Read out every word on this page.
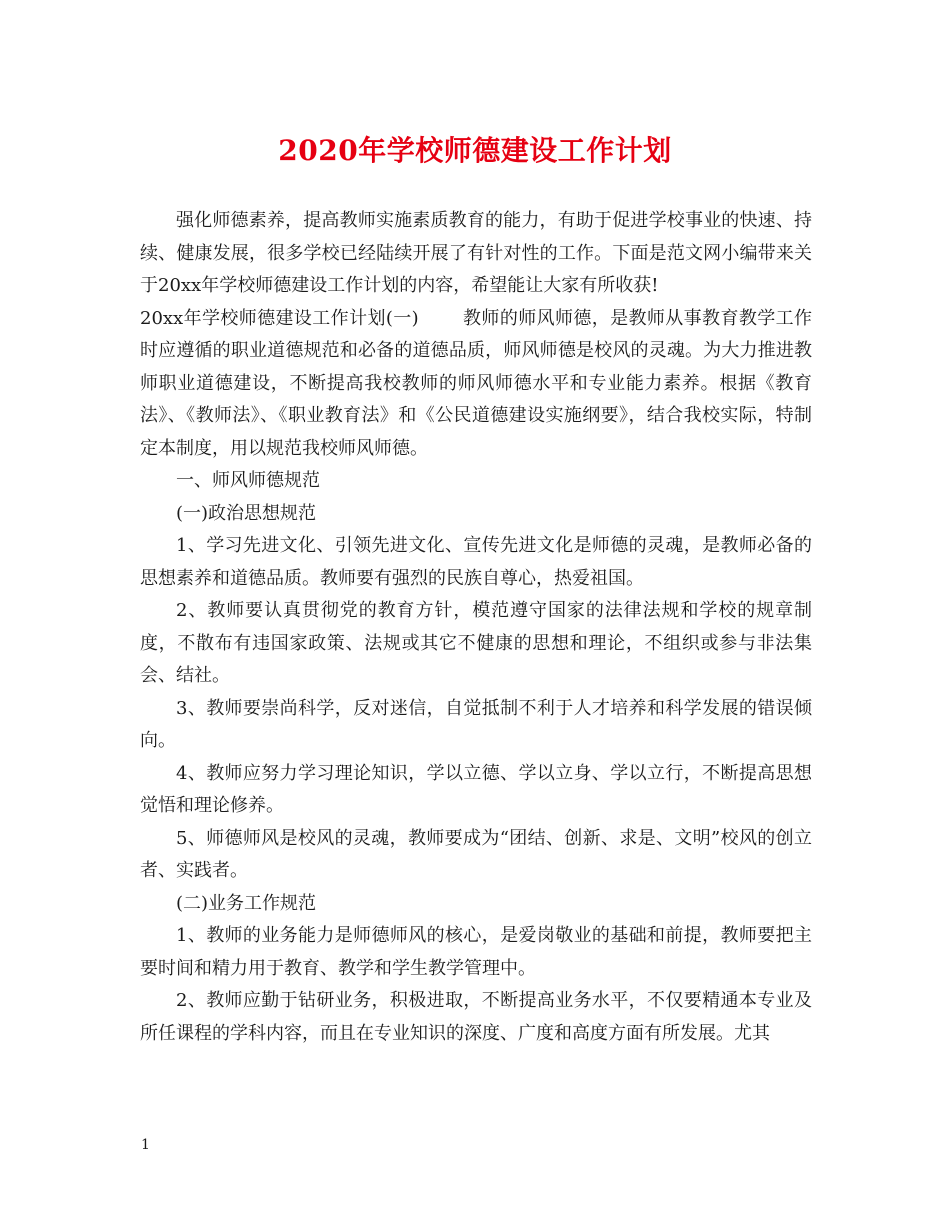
2020年学校师德建设工作计划

强化师德素养，提高教师实施素质教育的能力，有助于促进学校事业的快速、持续、健康发展，很多学校已经陆续开展了有针对性的工作。下面是范文网小编带来关于20xx年学校师德建设工作计划的内容，希望能让大家有所收获!

20xx年学校师德建设工作计划(一) 教师的师风师德，是教师从事教育教学工作时应遵循的职业道德规范和必备的道德品质，师风师德是校风的灵魂。为大力推进教师职业道德建设，不断提高我校教师的师风师德水平和专业能力素养。根据《教育法》、《教师法》、《职业教育法》和《公民道德建设实施纲要》，结合我校实际，特制定本制度，用以规范我校师风师德。

一、师风师德规范

(一)政治思想规范

1、学习先进文化、引领先进文化、宣传先进文化是师德的灵魂，是教师必备的思想素养和道德品质。教师要有强烈的民族自尊心，热爱祖国。

2、教师要认真贯彻党的教育方针，模范遵守国家的法律法规和学校的规章制度，不散布有违国家政策、法规或其它不健康的思想和理论，不组织或参与非法集会、结社。

3、教师要崇尚科学，反对迷信，自觉抵制不利于人才培养和科学发展的错误倾向。

4、教师应努力学习理论知识，学以立德、学以立身、学以立行，不断提高思想觉悟和理论修养。

5、师德师风是校风的灵魂，教师要成为“团结、创新、求是、文明”校风的创立者、实践者。

(二)业务工作规范

1、教师的业务能力是师德师风的核心，是爱岗敬业的基础和前提，教师要把主要时间和精力用于教育、教学和学生教学管理中。

2、教师应勤于钻研业务，积极进取，不断提高业务水平，不仅要精通本专业及所任课程的学科内容，而且在专业知识的深度、广度和高度方面有所发展。尤其

1
